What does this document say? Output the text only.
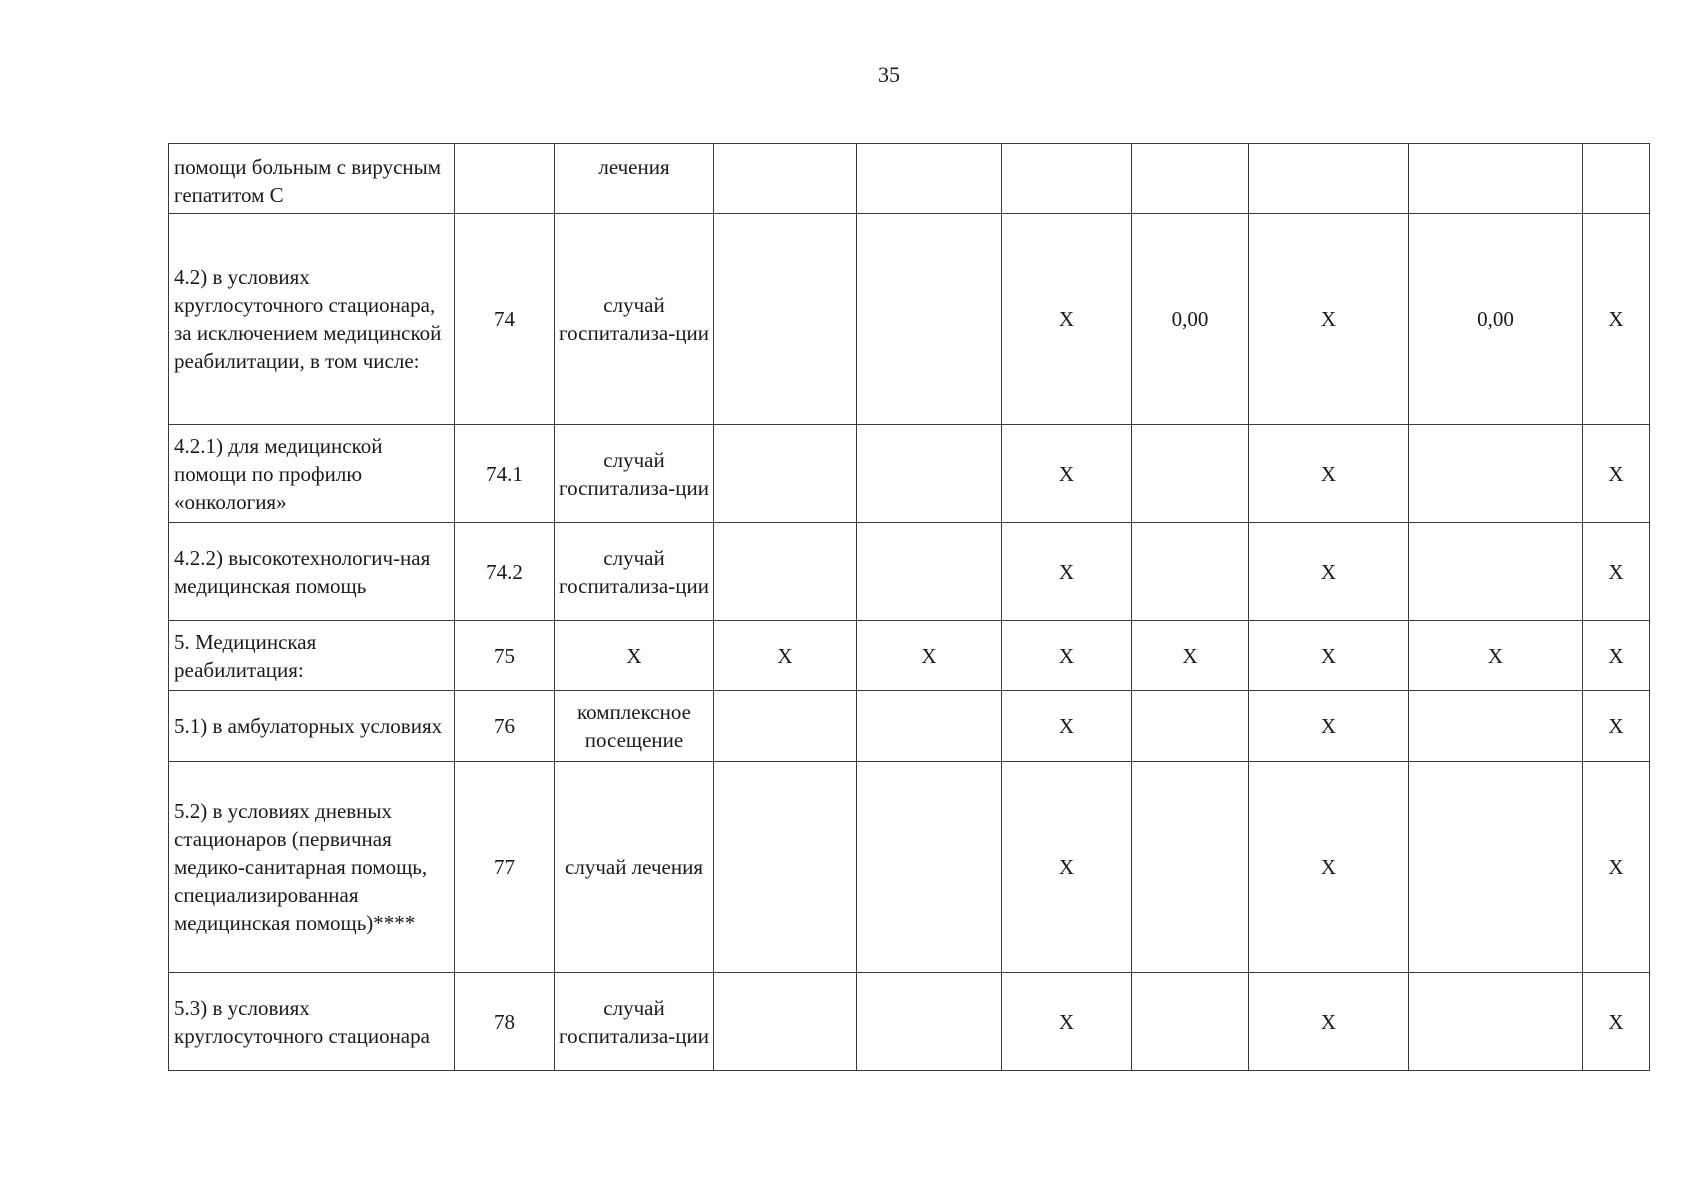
35
помощи больным с вирусным гепатитом С		лечения							
4.2) в условиях круглосуточного стационара, за исключением медицинской реабилитации, в том числе:	74	случай госпитализа-ции			Х	0,00	Х	0,00	Х
4.2.1) для медицинской помощи по профилю «онкология»	74.1	случай госпитализа-ции			Х		Х		Х
4.2.2) высокотехнологич-ная медицинская помощь	74.2	случай госпитализа-ции			Х		Х		Х
5. Медицинская реабилитация:	75	Х	Х	Х	Х	Х	Х	Х	Х
5.1) в амбулаторных условиях	76	комплексное посещение			Х		Х		Х
5.2) в условиях дневных стационаров (первичная медико-санитарная помощь, специализированная медицинская помощь)****	77	случай лечения			Х		Х		Х
5.3) в условиях круглосуточного стационара	78	случай госпитализа-ции			Х		Х		Х
